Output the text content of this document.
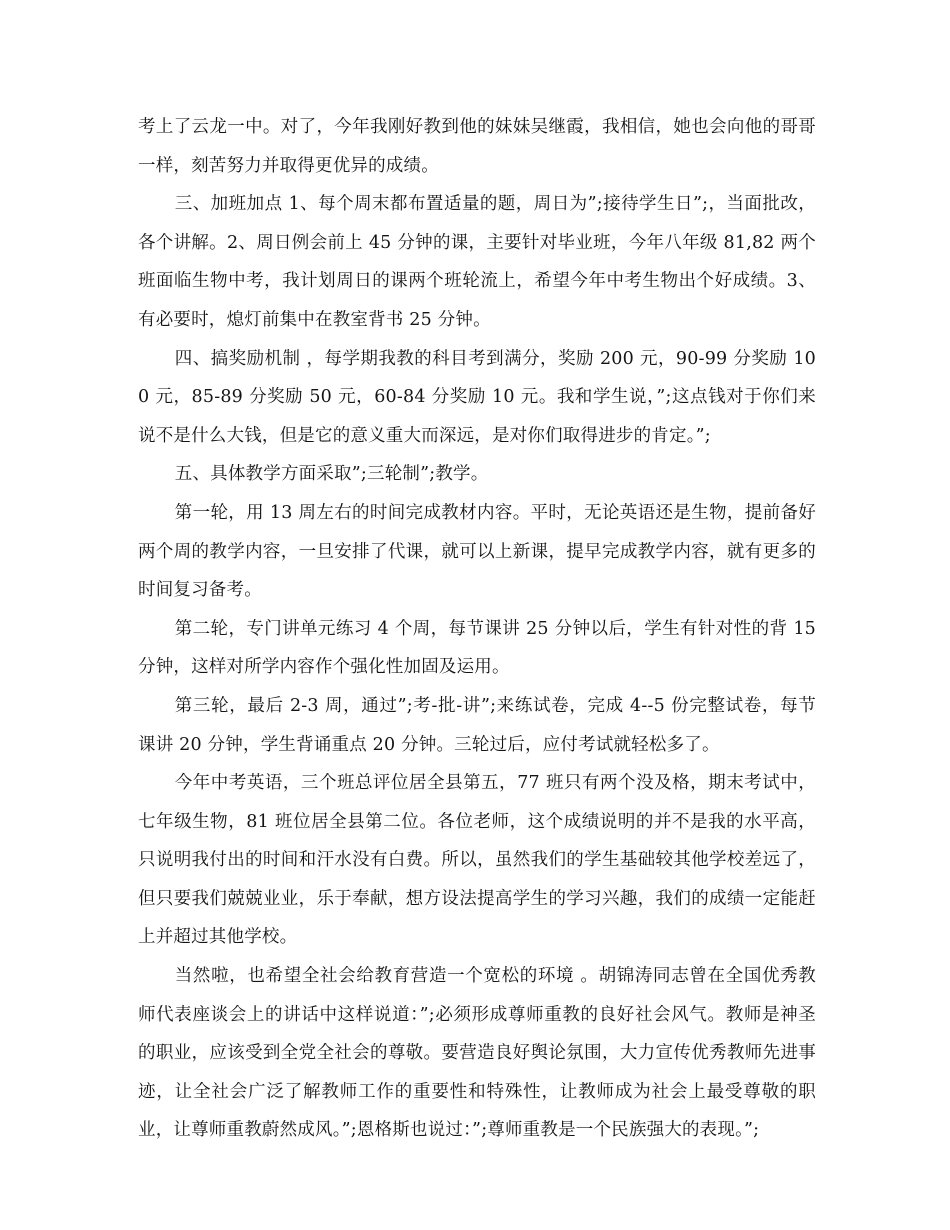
考上了云龙一中。对了，今年我刚好教到他的妹妹吴继霞，我相信，她也会向他的哥哥一样，刻苦努力并取得更优异的成绩。

三、加班加点 1、每个周末都布置适量的题，周日为”;接待学生日”;，当面批改，各个讲解。2、周日例会前上 45 分钟的课，主要针对毕业班，今年八年级 81,82 两个班面临生物中考，我计划周日的课两个班轮流上，希望今年中考生物出个好成绩。3、有必要时，熄灯前集中在教室背书 25 分钟。

四、搞奖励机制 ，每学期我教的科目考到满分，奖励 200 元，90-99 分奖励 100 元，85-89 分奖励 50 元，60-84 分奖励 10 元。我和学生说，”;这点钱对于你们来说不是什么大钱，但是它的意义重大而深远，是对你们取得进步的肯定。”;

五、具体教学方面采取”;三轮制”;教学。

第一轮，用 13 周左右的时间完成教材内容。平时，无论英语还是生物，提前备好两个周的教学内容，一旦安排了代课，就可以上新课，提早完成教学内容，就有更多的时间复习备考。

第二轮，专门讲单元练习 4 个周，每节课讲 25 分钟以后，学生有针对性的背 15 分钟，这样对所学内容作个强化性加固及运用。

第三轮，最后 2-3 周，通过”;考-批-讲”;来练试卷，完成 4--5 份完整试卷，每节课讲 20 分钟，学生背诵重点 20 分钟。三轮过后，应付考试就轻松多了。

今年中考英语，三个班总评位居全县第五，77 班只有两个没及格，期末考试中，七年级生物，81 班位居全县第二位。各位老师，这个成绩说明的并不是我的水平高，只说明我付出的时间和汗水没有白费。所以，虽然我们的学生基础较其他学校差远了，但只要我们兢兢业业，乐于奉献，想方设法提高学生的学习兴趣，我们的成绩一定能赶上并超过其他学校。

当然啦，也希望全社会给教育营造一个宽松的环境 。胡锦涛同志曾在全国优秀教师代表座谈会上的讲话中这样说道：”;必须形成尊师重教的良好社会风气。教师是神圣的职业，应该受到全党全社会的尊敬。要营造良好舆论氛围，大力宣传优秀教师先进事迹，让全社会广泛了解教师工作的重要性和特殊性，让教师成为社会上最受尊敬的职业，让尊师重教蔚然成风。”;恩格斯也说过：”;尊师重教是一个民族强大的表现。”;
